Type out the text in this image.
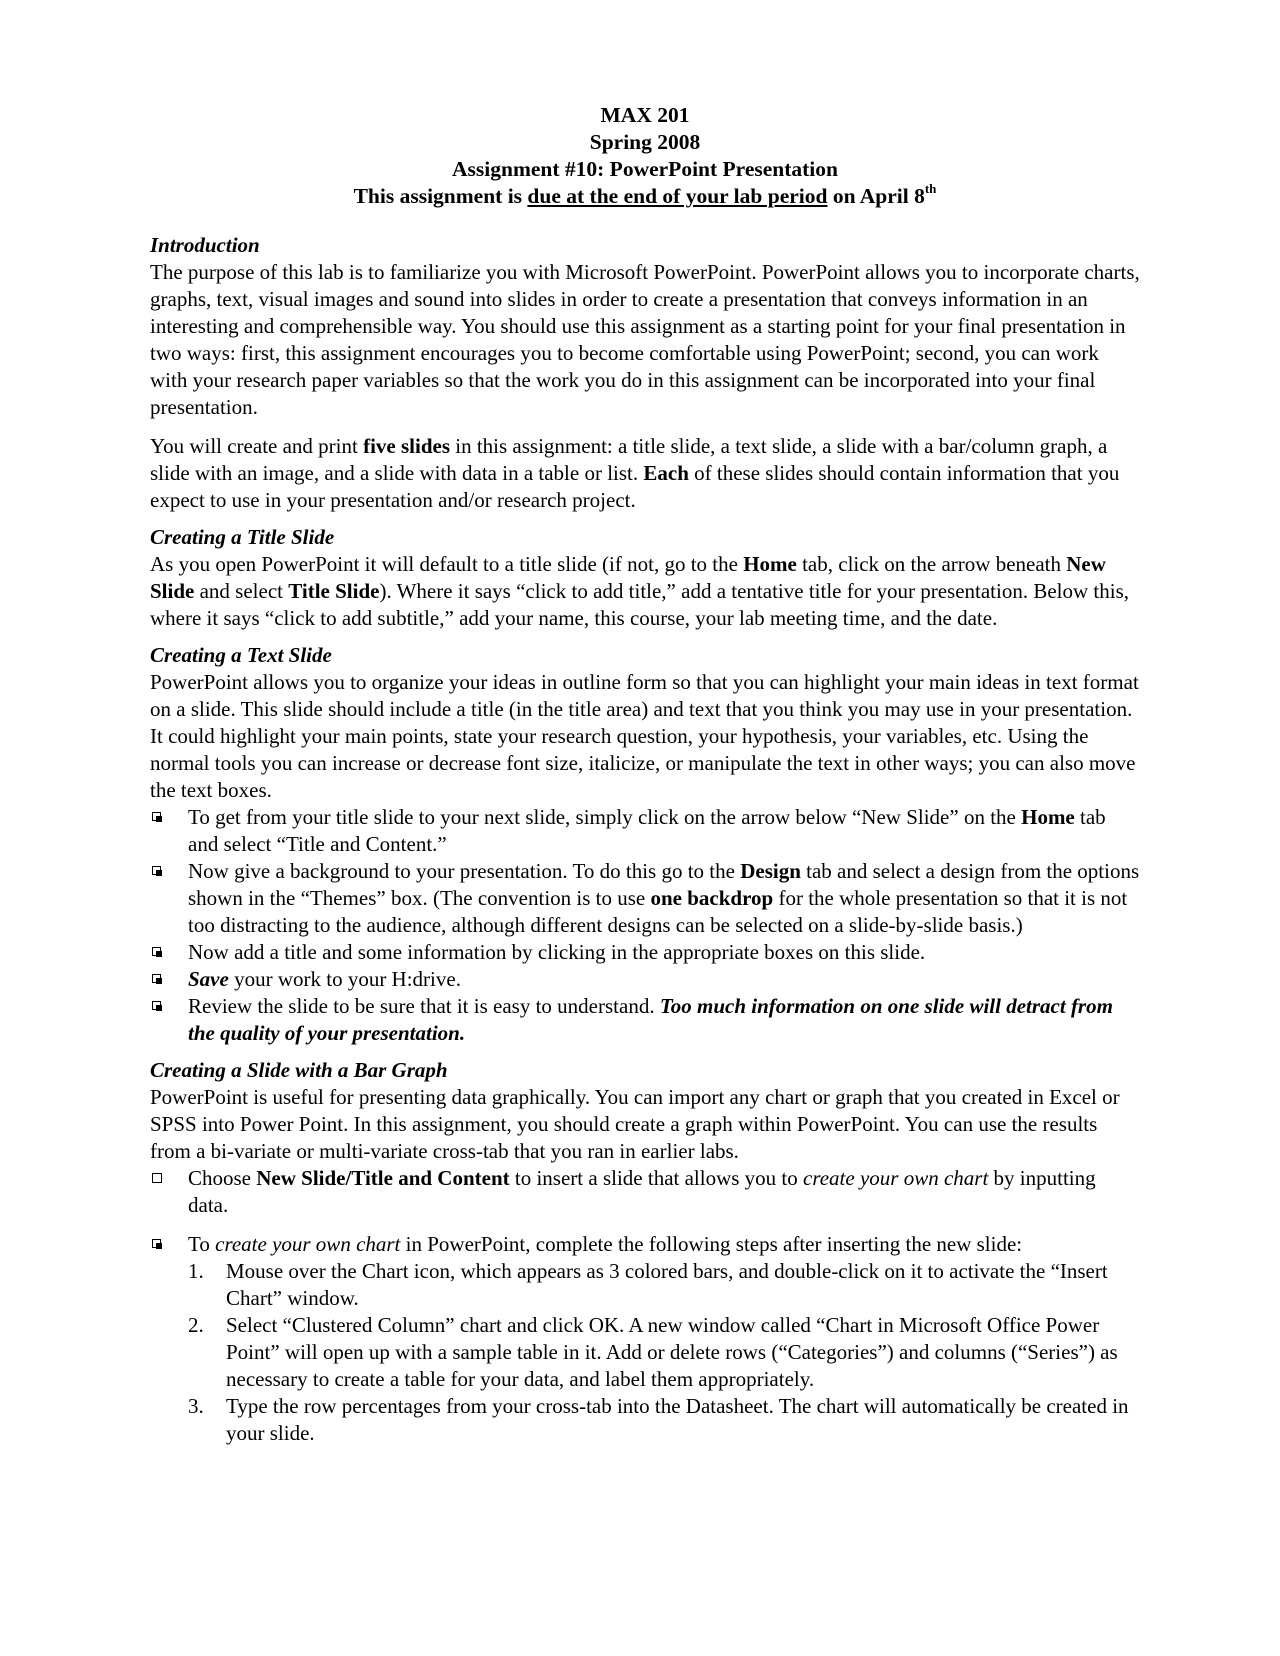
MAX 201
Spring 2008
Assignment #10: PowerPoint Presentation
This assignment is due at the end of your lab period on April 8th
Introduction

The purpose of this lab is to familiarize you with Microsoft PowerPoint. PowerPoint allows you to incorporate charts, graphs, text, visual images and sound into slides in order to create a presentation that conveys information in an interesting and comprehensible way. You should use this assignment as a starting point for your final presentation in two ways: first, this assignment encourages you to become comfortable using PowerPoint; second, you can work with your research paper variables so that the work you do in this assignment can be incorporated into your final presentation.

You will create and print five slides in this assignment: a title slide, a text slide, a slide with a bar/column graph, a slide with an image, and a slide with data in a table or list. Each of these slides should contain information that you expect to use in your presentation and/or research project.

Creating a Title Slide

As you open PowerPoint it will default to a title slide (if not, go to the Home tab, click on the arrow beneath New Slide and select Title Slide). Where it says “click to add title,” add a tentative title for your presentation. Below this, where it says “click to add subtitle,” add your name, this course, your lab meeting time, and the date.

Creating a Text Slide

PowerPoint allows you to organize your ideas in outline form so that you can highlight your main ideas in text format on a slide. This slide should include a title (in the title area) and text that you think you may use in your presentation. It could highlight your main points, state your research question, your hypothesis, your variables, etc. Using the normal tools you can increase or decrease font size, italicize, or manipulate the text in other ways; you can also move the text boxes.

To get from your title slide to your next slide, simply click on the arrow below “New Slide” on the Home tab and select “Title and Content.”
Now give a background to your presentation. To do this go to the Design tab and select a design from the options shown in the “Themes” box. (The convention is to use one backdrop for the whole presentation so that it is not too distracting to the audience, although different designs can be selected on a slide-by-slide basis.)
Now add a title and some information by clicking in the appropriate boxes on this slide.
Save your work to your H:drive.
Review the slide to be sure that it is easy to understand. Too much information on one slide will detract from the quality of your presentation.
Creating a Slide with a Bar Graph

PowerPoint is useful for presenting data graphically. You can import any chart or graph that you created in Excel or SPSS into Power Point. In this assignment, you should create a graph within PowerPoint. You can use the results from a bi-variate or multi-variate cross-tab that you ran in earlier labs.

Choose New Slide/Title and Content to insert a slide that allows you to create your own chart by inputting data.
To create your own chart in PowerPoint, complete the following steps after inserting the new slide:
1. Mouse over the Chart icon, which appears as 3 colored bars, and double-click on it to activate the “Insert Chart” window.
2. Select “Clustered Column” chart and click OK. A new window called “Chart in Microsoft Office Power Point” will open up with a sample table in it. Add or delete rows (“Categories”) and columns (“Series”) as necessary to create a table for your data, and label them appropriately.
3. Type the row percentages from your cross-tab into the Datasheet. The chart will automatically be created in your slide.
